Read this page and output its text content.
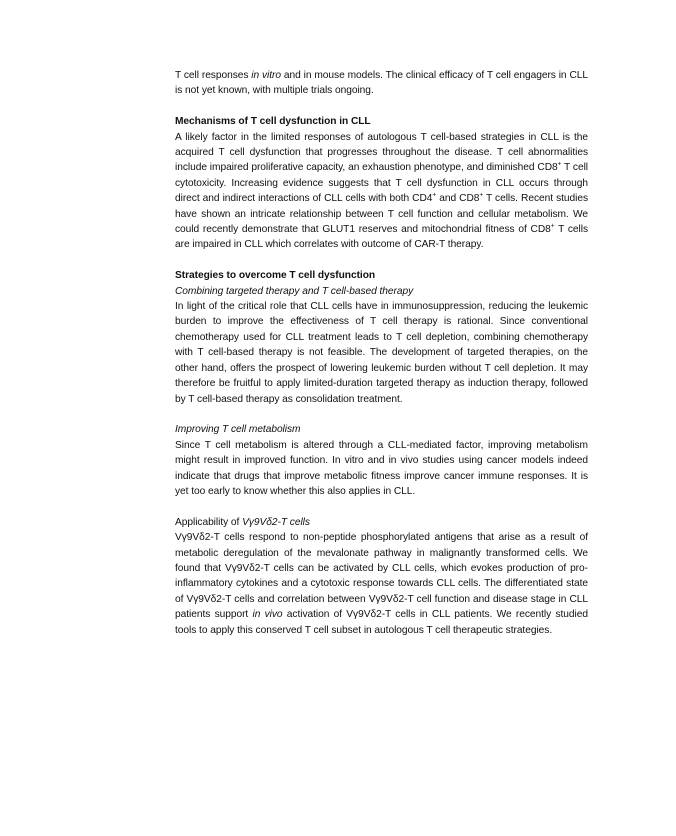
T cell responses in vitro and in mouse models. The clinical efficacy of T cell engagers in CLL is not yet known, with multiple trials ongoing.

Mechanisms of T cell dysfunction in CLL

A likely factor in the limited responses of autologous T cell-based strategies in CLL is the acquired T cell dysfunction that progresses throughout the disease. T cell abnormalities include impaired proliferative capacity, an exhaustion phenotype, and diminished CD8+ T cell cytotoxicity. Increasing evidence suggests that T cell dysfunction in CLL occurs through direct and indirect interactions of CLL cells with both CD4+ and CD8+ T cells. Recent studies have shown an intricate relationship between T cell function and cellular metabolism. We could recently demonstrate that GLUT1 reserves and mitochondrial fitness of CD8+ T cells are impaired in CLL which correlates with outcome of CAR-T therapy.

Strategies to overcome T cell dysfunction

Combining targeted therapy and T cell-based therapy

In light of the critical role that CLL cells have in immunosuppression, reducing the leukemic burden to improve the effectiveness of T cell therapy is rational. Since conventional chemotherapy used for CLL treatment leads to T cell depletion, combining chemotherapy with T cell-based therapy is not feasible. The development of targeted therapies, on the other hand, offers the prospect of lowering leukemic burden without T cell depletion. It may therefore be fruitful to apply limited-duration targeted therapy as induction therapy, followed by T cell-based therapy as consolidation treatment.

Improving T cell metabolism

Since T cell metabolism is altered through a CLL-mediated factor, improving metabolism might result in improved function. In vitro and in vivo studies using cancer models indeed indicate that drugs that improve metabolic fitness improve cancer immune responses. It is yet too early to know whether this also applies in CLL.

Applicability of Vγ9Vδ2-T cells

Vγ9Vδ2-T cells respond to non-peptide phosphorylated antigens that arise as a result of metabolic deregulation of the mevalonate pathway in malignantly transformed cells. We found that Vγ9Vδ2-T cells can be activated by CLL cells, which evokes production of pro-inflammatory cytokines and a cytotoxic response towards CLL cells. The differentiated state of Vγ9Vδ2-T cells and correlation between Vγ9Vδ2-T cell function and disease stage in CLL patients support in vivo activation of Vγ9Vδ2-T cells in CLL patients. We recently studied tools to apply this conserved T cell subset in autologous T cell therapeutic strategies.
